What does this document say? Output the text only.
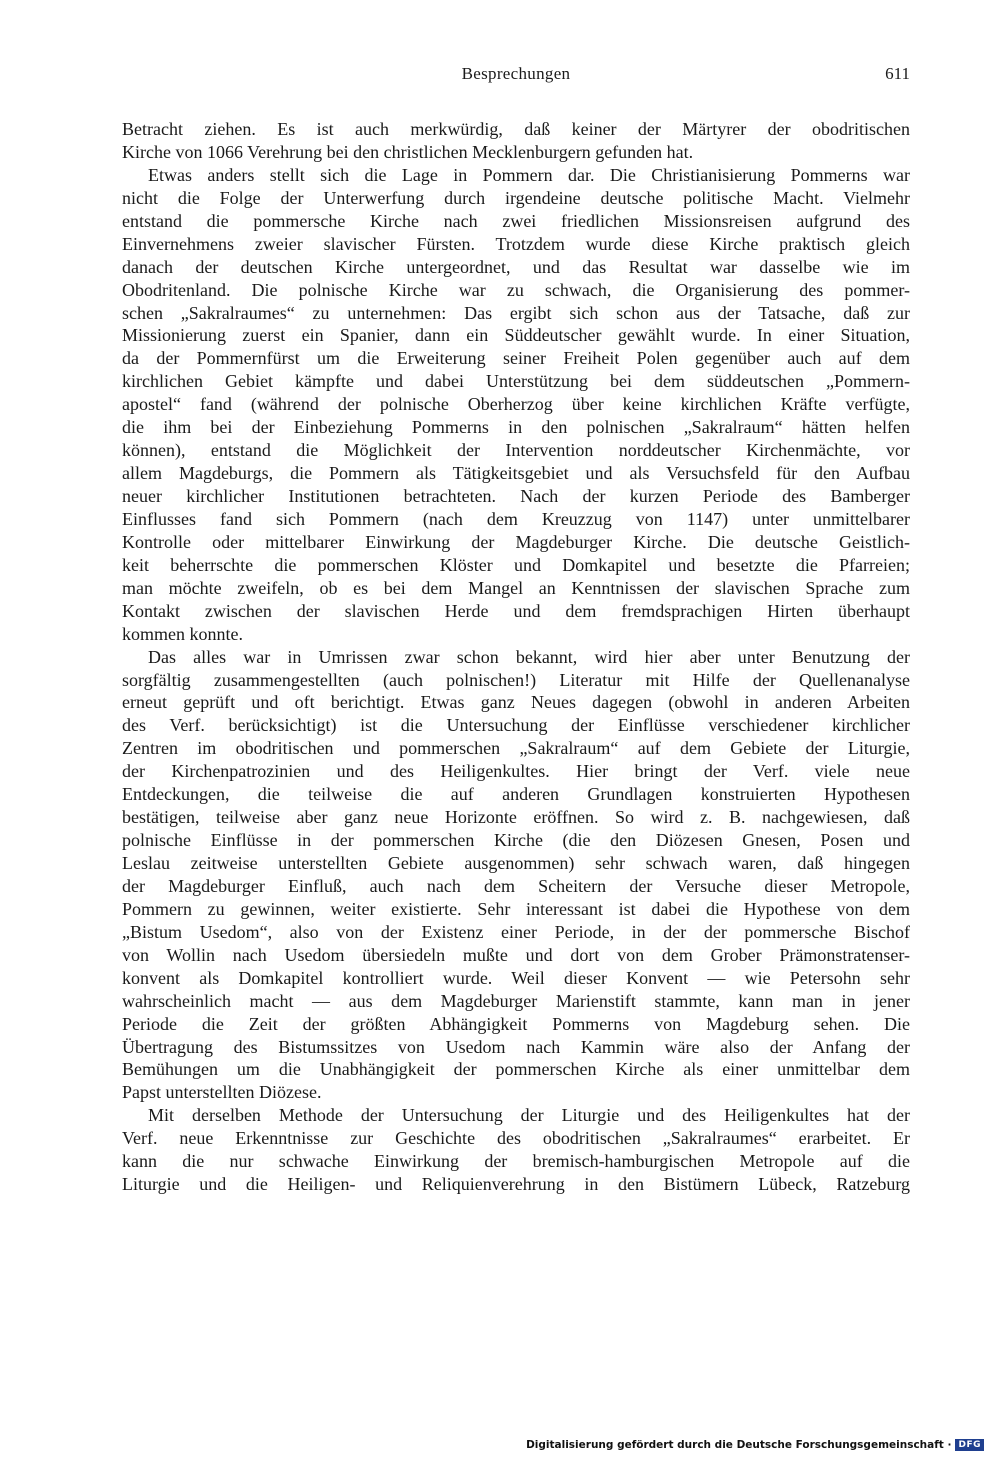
Besprechungen	611
Betracht ziehen. Es ist auch merkwürdig, daß keiner der Märtyrer der obodritischen
Kirche von 1066 Verehrung bei den christlichen Mecklenburgern gefunden hat.
Etwas anders stellt sich die Lage in Pommern dar. Die Christianisierung Pommerns war
nicht die Folge der Unterwerfung durch irgendeine deutsche politische Macht. Vielmehr
entstand die pommersche Kirche nach zwei friedlichen Missionsreisen aufgrund des
Einvernehmens zweier slavischer Fürsten. Trotzdem wurde diese Kirche praktisch gleich
danach der deutschen Kirche untergeordnet, und das Resultat war dasselbe wie im
Obodritenland. Die polnische Kirche war zu schwach, die Organisierung des pommer-
schen „Sakralraumes“ zu unternehmen: Das ergibt sich schon aus der Tatsache, daß zur
Missionierung zuerst ein Spanier, dann ein Süddeutscher gewählt wurde. In einer Situation,
da der Pommernfürst um die Erweiterung seiner Freiheit Polen gegenüber auch auf dem
kirchlichen Gebiet kämpfte und dabei Unterstützung bei dem süddeutschen „Pommern-
apostel“ fand (während der polnische Oberherzog über keine kirchlichen Kräfte verfügte,
die ihm bei der Einbeziehung Pommerns in den polnischen „Sakralraum“ hätten helfen
können), entstand die Möglichkeit der Intervention norddeutscher Kirchenmächte, vor
allem Magdeburgs, die Pommern als Tätigkeitsgebiet und als Versuchsfeld für den Aufbau
neuer kirchlicher Institutionen betrachteten. Nach der kurzen Periode des Bamberger
Einflusses fand sich Pommern (nach dem Kreuzzug von 1147) unter unmittelbarer
Kontrolle oder mittelbarer Einwirkung der Magdeburger Kirche. Die deutsche Geistlich-
keit beherrschte die pommerschen Klöster und Domkapitel und besetzte die Pfarreien;
man möchte zweifeln, ob es bei dem Mangel an Kenntnissen der slavischen Sprache zum
Kontakt zwischen der slavischen Herde und dem fremdsprachigen Hirten überhaupt
kommen konnte.
Das alles war in Umrissen zwar schon bekannt, wird hier aber unter Benutzung der
sorgfältig zusammengestellten (auch polnischen!) Literatur mit Hilfe der Quellenanalyse
erneut geprüft und oft berichtigt. Etwas ganz Neues dagegen (obwohl in anderen Arbeiten
des Verf. berücksichtigt) ist die Untersuchung der Einflüsse verschiedener kirchlicher
Zentren im obodritischen und pommerschen „Sakralraum“ auf dem Gebiete der Liturgie,
der Kirchenpatrozinien und des Heiligenkultes. Hier bringt der Verf. viele neue
Entdeckungen, die teilweise die auf anderen Grundlagen konstruierten Hypothesen
bestätigen, teilweise aber ganz neue Horizonte eröffnen. So wird z. B. nachgewiesen, daß
polnische Einflüsse in der pommerschen Kirche (die den Diözesen Gnesen, Posen und
Leslau zeitweise unterstellten Gebiete ausgenommen) sehr schwach waren, daß hingegen
der Magdeburger Einfluß, auch nach dem Scheitern der Versuche dieser Metropole,
Pommern zu gewinnen, weiter existierte. Sehr interessant ist dabei die Hypothese von dem
„Bistum Usedom“, also von der Existenz einer Periode, in der der pommersche Bischof
von Wollin nach Usedom übersiedeln mußte und dort von dem Grober Prämonstratenser-
konvent als Domkapitel kontrolliert wurde. Weil dieser Konvent — wie Petersohn sehr
wahrscheinlich macht — aus dem Magdeburger Marienstift stammte, kann man in jener
Periode die Zeit der größten Abhängigkeit Pommerns von Magdeburg sehen. Die
Übertragung des Bistumssitzes von Usedom nach Kammin wäre also der Anfang der
Bemühungen um die Unabhängigkeit der pommerschen Kirche als einer unmittelbar dem
Papst unterstellten Diözese.
Mit derselben Methode der Untersuchung der Liturgie und des Heiligenkultes hat der
Verf. neue Erkenntnisse zur Geschichte des obodritischen „Sakralraumes“ erarbeitet. Er
kann die nur schwache Einwirkung der bremisch-hamburgischen Metropole auf die
Liturgie und die Heiligen- und Reliquienverehrung in den Bistümern Lübeck, Ratzeburg
Digitalisierung gefördert durch die Deutsche Forschungsgemeinschaft · DFG
